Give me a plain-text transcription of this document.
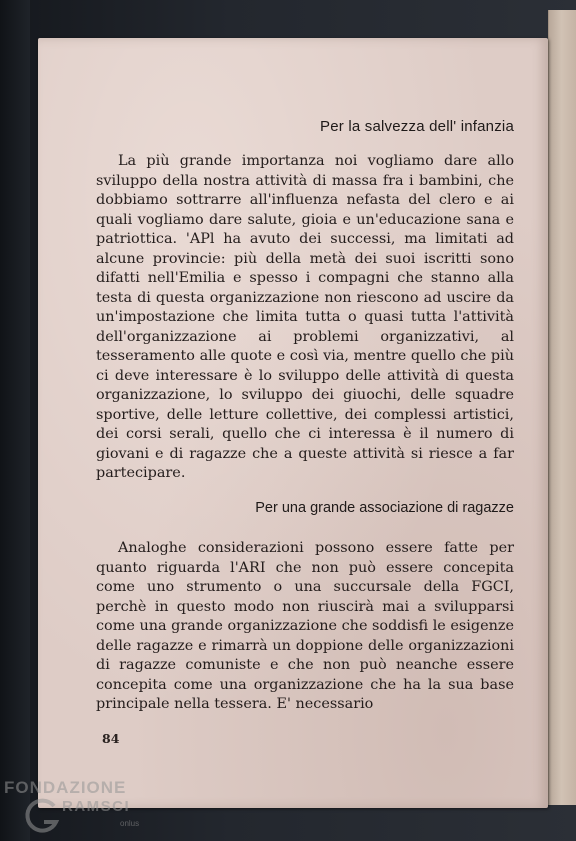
Per la salvezza dell' infanzia

La più grande importanza noi vogliamo dare allo sviluppo della nostra attività di massa fra i bambini, che dobbiamo sottrarre all'influenza nefasta del clero e ai quali vogliamo dare salute, gioia e un'educazione sana e patriottica. 'APl ha avuto dei successi, ma limitati ad alcune provincie: più della metà dei suoi iscritti sono difatti nell'Emilia e spesso i compagni che stanno alla testa di questa organizzazione non riescono ad uscire da un'impostazione che limita tutta o quasi tutta l'attività dell'organizzazione ai problemi organizzativi, al tesseramento alle quote e così via, mentre quello che più ci deve interessare è lo sviluppo delle attività di questa organizzazione, lo sviluppo dei giuochi, delle squadre sportive, delle letture collettive, dei complessi artistici, dei corsi serali, quello che ci interessa è il numero di giovani e di ragazze che a queste attività si riesce a far partecipare.

Per una grande associazione di ragazze

Analoghe considerazioni possono essere fatte per quanto riguarda l'ARI che non può essere concepita come uno strumento o una succursale della FGCI, perchè in questo modo non riuscirà mai a svilupparsi come una grande organizzazione che soddisfi le esigenze delle ragazze e rimarrà un doppione delle organizzazioni di ragazze comuniste e che non può neanche essere concepita come una organizzazione che ha la sua base principale nella tessera. E' necessario

84
FONDAZIONE
RAMSCI
onlus
